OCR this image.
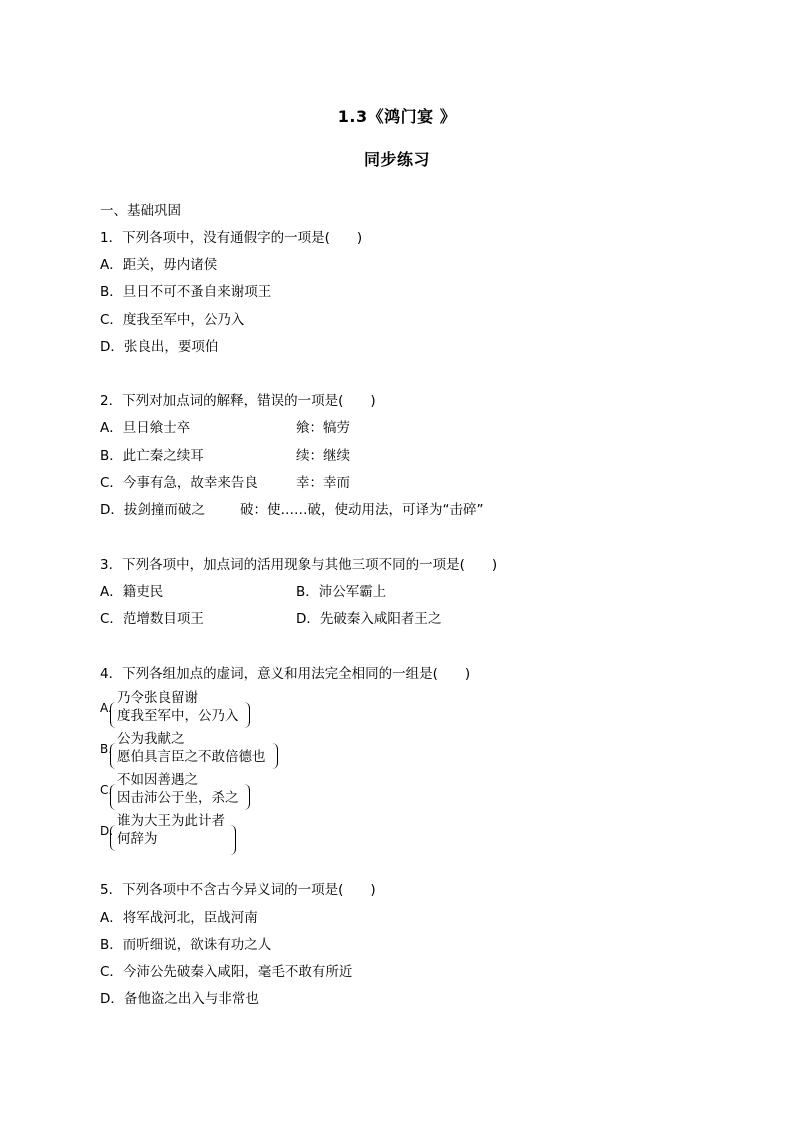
1.3《鸿门宴 》
同步练习
一、基础巩固
1．下列各项中，没有通假字的一项是(　　)
A．距关，毋内诸侯
B．旦日不可不蚤自来谢项王
C．度我至军中，公乃入
D．张良出，要项伯
2．下列对加点词的解释，错误的一项是(　　)
A．旦日飨士卒	飨：犒劳
B．此亡秦之续耳	续：继续
C．今事有急，故幸来告良	幸：幸而
D．拔剑撞而破之	破：使……破，使动用法，可译为“击碎”
3．下列各项中，加点词的活用现象与其他三项不同的一项是(　　)
A．籍吏民	B．沛公军霸上
C．范增数目项王	D．先破秦入咸阳者王之
4．下列各组加点的虚词，意义和用法完全相同的一组是(　　)
A.
乃令张良留谢
度我至军中，公乃入
B.
公为我献之
愿伯具言臣之不敢倍德也
C.
不如因善遇之
因击沛公于坐，杀之
D.
谁为大王为此计者
何辞为
5．下列各项中不含古今异义词的一项是(　　)
A．将军战河北，臣战河南
B．而听细说，欲诛有功之人
C．今沛公先破秦入咸阳，毫毛不敢有所近
D．备他盗之出入与非常也
